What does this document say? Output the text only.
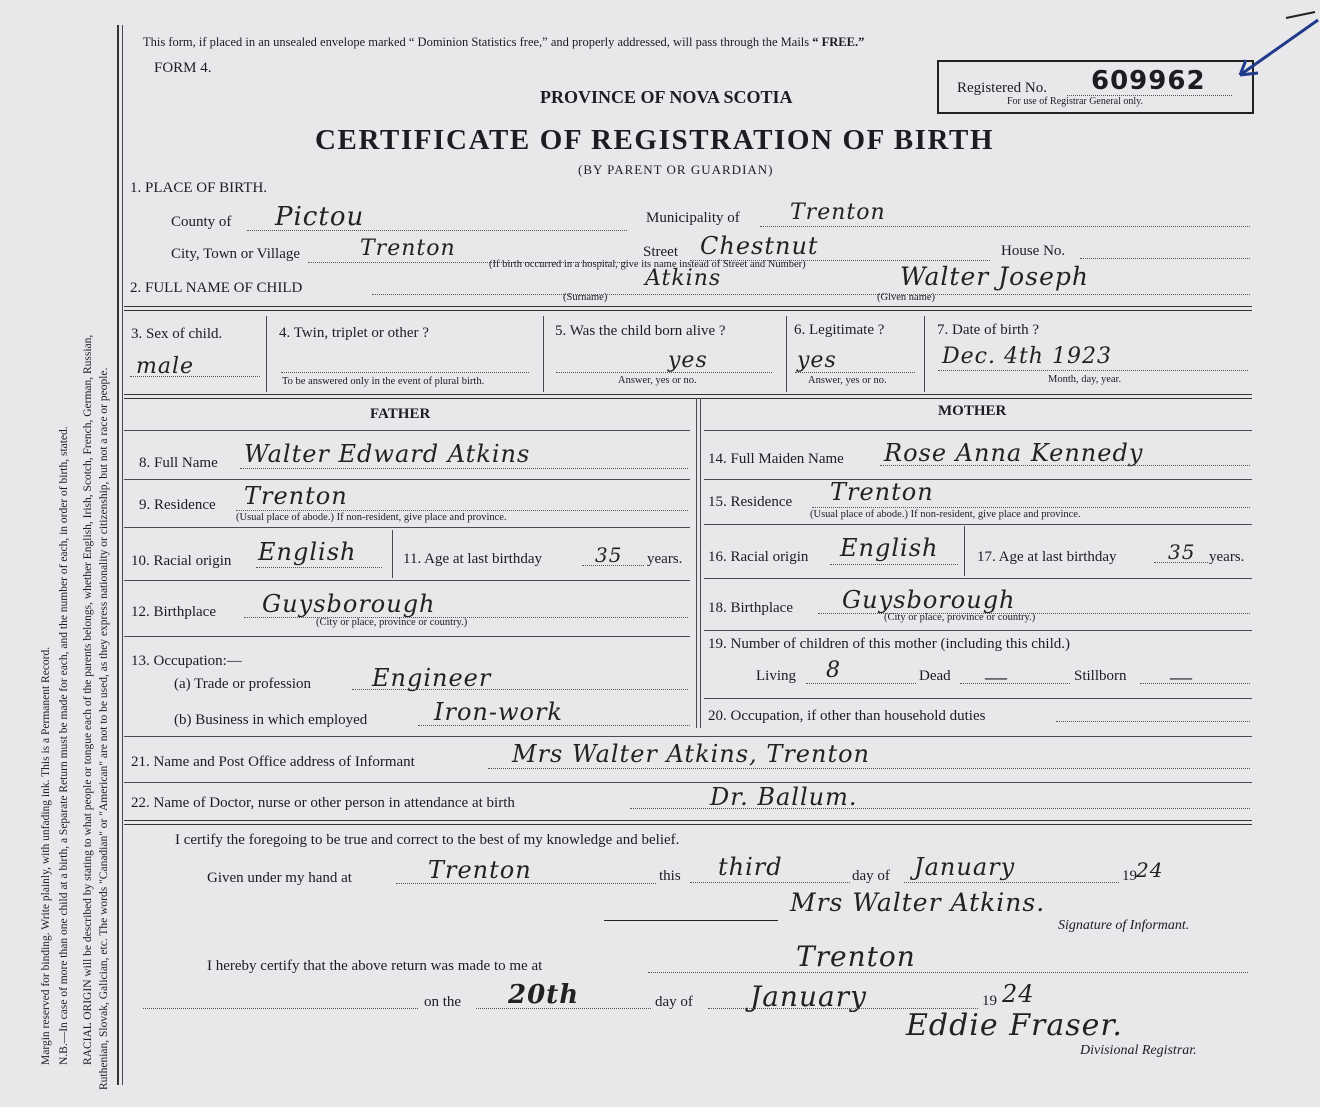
Margin reserved for binding. Write plainly, with unfading ink. This is a Permanent Record. N.B.—In case of more than one child at a birth, a Separate Return must be made for each, and the number of each, in order of birth, stated. RACIAL ORIGIN will be described by stating to what people or tongue each of the parents belongs, whether English, Irish, Scotch, French, German, Russian, Ruthenian, Slovak, Galician, etc. The words "Canadian" or "American" are not to be used, as they express nationality or citizenship, but not a race or people.
This form, if placed in an unsealed envelope marked “ Dominion Statistics free,” and properly addressed, will pass through the Mails “ FREE.”
FORM 4.
PROVINCE OF NOVA SCOTIA	Registered No. 609962
For use of Registrar General only.
CERTIFICATE OF REGISTRATION OF BIRTH
(BY PARENT OR GUARDIAN)
1. PLACE OF BIRTH.
County of Pictou	Municipality of Trenton
City, Town or Village	Trenton	Street Chestnut	House No.
(If birth occurred in a hospital, give its name instead of Street and Number)
2. FULL NAME OF CHILD	Atkins
(Surname)
Walter Joseph
(Given name)
3. Sex of child.
male
4. Twin, triplet or other ?
To be answered only in the event of plural birth.
5. Was the child born alive ?
yes
Answer, yes or no.
6. Legitimate ?
yes
Answer, yes or no.
7. Date of birth ?
Dec. 4th 1923
Month, day, year.
FATHER	MOTHER
8. Full Name Walter Edward Atkins
9. Residence Trenton
(Usual place of abode.) If non-resident, give place and province.
10. Racial origin English	11. Age at last birthday	35 years.
12. Birthplace Guysborough
(City or place, province or country.)
13. Occupation:—
(a) Trade or profession	Engineer
(b) Business in which employed	Iron-work
14. Full Maiden Name Rose Anna Kennedy
15. Residence Trenton
(Usual place of abode.) If non-resident, give place and province.
16. Racial origin English	17. Age at last birthday	35 years.
18. Birthplace Guysborough
(City or place, province or country.)
19. Number of children of this mother (including this child.)
Living 8	Dead —	Stillborn —
20. Occupation, if other than household duties
21. Name and Post Office address of Informant	Mrs Walter Atkins, Trenton
22. Name of Doctor, nurse or other person in attendance at birth	Dr. Ballum.
I certify the foregoing to be true and correct to the best of my knowledge and belief.
Given under my hand at	Trenton	this third	day of January	19 24
Mrs Walter Atkins.
Signature of Informant.
I hereby certify that the above return was made to me at	Trenton
on the 20th	day of January	19 24
Eddie Fraser.
Divisional Registrar.
